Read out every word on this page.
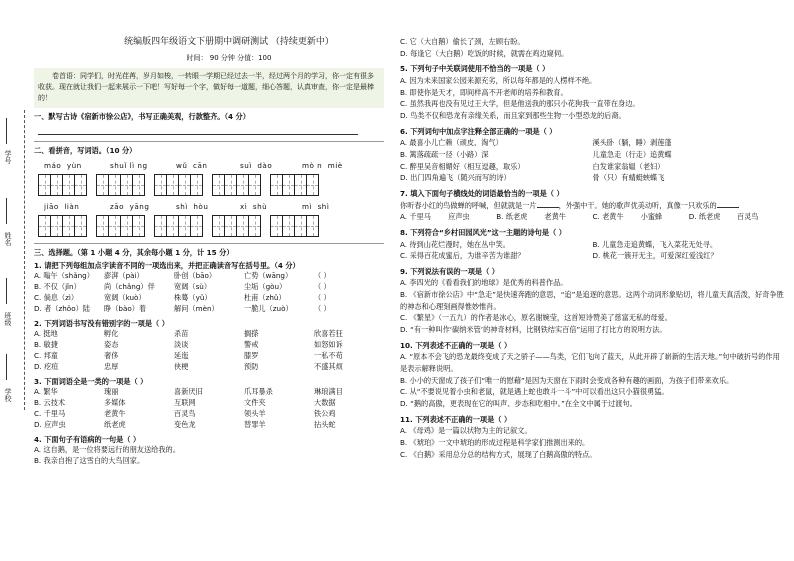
学号
姓名
班级
学校
统编版四年级语文下册期中调研测试 （持续更新中）
时间： 90 分钟 分值：100
卷首语：同学们，时光荏苒，岁月如梭，一转眼一学期已经过去一半，经过两个月的学习，你一定有很多收获。现在就让我们一起来展示一下吧！写好每一个字，做好每一道题，细心答题，认真审查，你一定是最棒的！
一、默写古诗《宿新市徐公店》，书写正确美观，行款整齐。（4 分）
二、看拼音，写词语。（10 分）
máo  yùn	shuǐ lì ng	wǔ  cān	suì  dào	mò n  miè
jiāo  liàn	zāo  yāng	shì  hòu	xì  shù	mì  shì
三、选择题。（第 1 小题 4 分，其余每小题 1 分，计 15 分）
1. 请把下列每组加点字读音不同的一项选出来，并把正确读音写在括号里。（4 分）
A. 嗡午（shǎng）	澎湃（pài）	卧创（bāo）	亡势（wāng）	（ ）
B. 不仅（jǐn）	尚（chǎng）伴	宽阔（sù）	尘垢（gòu）	（ ）
C. 倘息（zì）	宽阔（kuò）	株蓦（yǔ）	杜甫（zhǔ）	（ ）
D. 者（zhǒo）陆	睁（bào）着	解问（mèn）	一脆儿（zuò）	（ ）
2. 下列词语书写没有错别字的一项是（ ）
A. 挺地	孵化	杀苗	搁搽	欣喜若狂
B. 敏捷	姿态	淡谈	警戒	如怒如诉
C. 邦童	奢侈	延迤	膝罗	一私不苟
D. 疙疸	忠厚	侠梗	预防	不盛其烦
3. 下面词语全是一类的一项是（ ）
A. 繁华	瑰丽	喜新厌旧	爪耳暴杀	琳琅满目
B. 云技术	多媒体	互联网	文件夹	大数据
C. 千里马	老黄牛	百灵鸟	领头羊	铁公鸡
D. 应声虫	纸老虎	变色龙	替罪羊	拈头蛇
4. 下面句子有语病的一句是（ ）
A. 这自鹅，是一位将要远行的朋友送给我的。
B. 我亲自抱了这雪白的大鸟回家。
C. 它（大自鹅）偷长了颈，左顾右盼。
D. 每逢它（大白鹅）吃饭的时候，就需在鸡边窥伺。
5. 下列句子中关联词使用不恰当的一项是（ ）
A. 因为未来国家公园来源充劣，所以每年都是的人楞样不绝。
B. 即使你是天才，即间样高不开老师的培养和教育。
C. 虽然我再也没有见过王大学，但是他送我的那只小花狗我一直带在身边。
D. 鸟类不仅和恐龙有亲缘关系，而且家到那些生物一小型恐龙的后裔。
6. 下列词句中加点字注释全部正确的一项是（ ）
A. 最喜小儿亡赖（顽皮、淘气）	溪头卧（躺，睡）剥莲蓬
B. 篱落疏疏一径（小路）深	儿童急走（行走）追黄蝶
C. 醉里吴音相媚好（相互逗趣，取乐）	白发谁家翁媪（老妇）
D. 出门四角遍飞（随兴而写的诗）	骨（只）有蜻蜓蛱蝶飞
7. 填入下面句子横线处的词语最恰当的一项是（ ）
你听春小红的鸟做蝉的呼喊，但就就是一片	，外强中干。她的歌声优美动听，真像一只欢乐的
A. 千里马	应声虫	B. 纸老虎	老黄牛	C. 老黄牛	小蜜蜂	D. 纸老虎	百灵鸟
8. 下列符合“乡村田园风光”这一主题的诗句是（ ）
A. 待到山花烂漫时，她在丛中笑。	B. 儿童急走追黄蝶，飞入菜花无处寻。
C. 采得百花成蜜后，为谁辛苦为谁甜？	D. 桃花一簇开无主，可爱深红爱浅红？
9. 下列说法有误的一项是（ ）
A. 李四光的《看看我们的地球》是优秀的科普作品。
B. 《宿新市徐公店》中“急走”是快速奔跑的意思，“追”是追逐的意思。这两个动词形象贴切，将儿童天真活泼，好奇争胜的神态和心理刻画得惟妙惟肖。
C. 《繁星》（一五九）的作者是冰心，原名谢婉莹，这首短诗赞美了慈富无私的母爱。
D. “有一种叫作‘碳纳米管’的神奇材料，比钢铁结实百倍”运用了打比方的说明方法。
10. 下列表述不正确的一项是（ ）
A. “原本不会飞的恐龙最终变成了天之骄子——鸟类，它们飞向了蓝天，从此开辟了崭新的生活天地。”句中破折号的作用是表示解释说明。
B. 小小的天窗成了孩子们“唯一的慰藉”是因为天窗在下雨时会变成各种有趣的画面，为孩子们带来欢乐。
C. 从“不要说见着小虫和老鼠，就是遇上蛇也敢斗一斗”中可以看出这只小猫很勇猛。
D. “鹅的高傲，更表现在它的叫声、步态和吃相中。”在全文中属于过渡句。
11. 下列表述不正确的一项是（ ）
A. 《母鸡》是一篇以状物为主的记叙文。
B. 《琥珀》一文中琥珀的形成过程是科学家们推测出来的。
C. 《白鹅》采用总分总的结构方式，展现了白鹅高傲的特点。
